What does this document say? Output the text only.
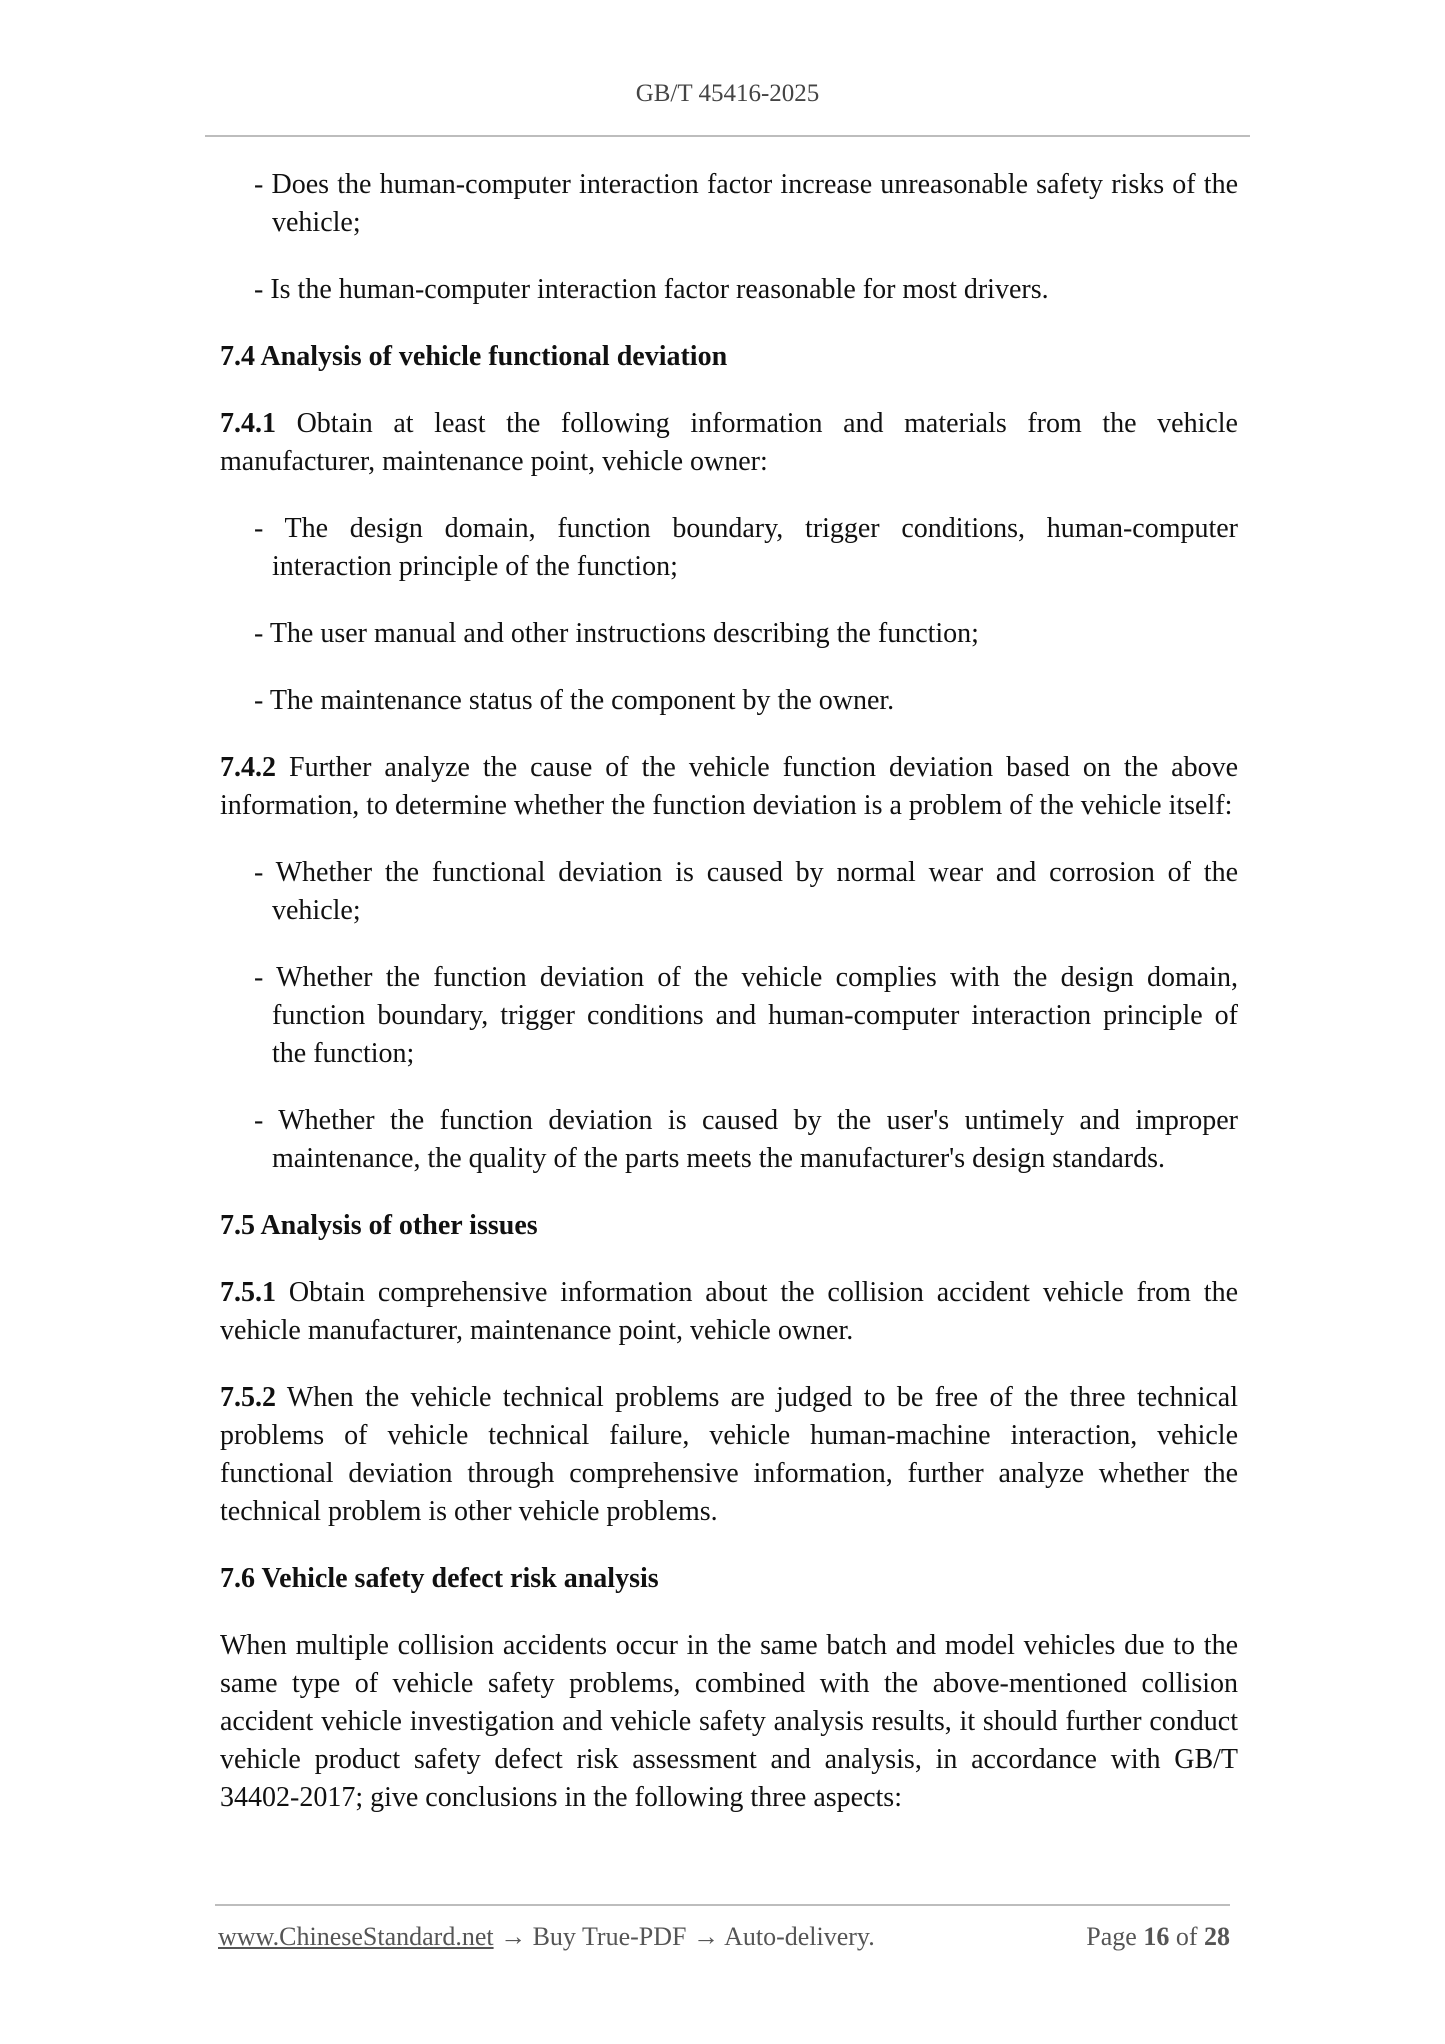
GB/T 45416-2025
- Does the human-computer interaction factor increase unreasonable safety risks of the vehicle;
- Is the human-computer interaction factor reasonable for most drivers.
7.4 Analysis of vehicle functional deviation
7.4.1 Obtain at least the following information and materials from the vehicle manufacturer, maintenance point, vehicle owner:
- The design domain, function boundary, trigger conditions, human-computer interaction principle of the function;
- The user manual and other instructions describing the function;
- The maintenance status of the component by the owner.
7.4.2 Further analyze the cause of the vehicle function deviation based on the above information, to determine whether the function deviation is a problem of the vehicle itself:
- Whether the functional deviation is caused by normal wear and corrosion of the vehicle;
- Whether the function deviation of the vehicle complies with the design domain, function boundary, trigger conditions and human-computer interaction principle of the function;
- Whether the function deviation is caused by the user's untimely and improper maintenance, the quality of the parts meets the manufacturer's design standards.
7.5 Analysis of other issues
7.5.1 Obtain comprehensive information about the collision accident vehicle from the vehicle manufacturer, maintenance point, vehicle owner.
7.5.2 When the vehicle technical problems are judged to be free of the three technical problems of vehicle technical failure, vehicle human-machine interaction, vehicle functional deviation through comprehensive information, further analyze whether the technical problem is other vehicle problems.
7.6 Vehicle safety defect risk analysis
When multiple collision accidents occur in the same batch and model vehicles due to the same type of vehicle safety problems, combined with the above-mentioned collision accident vehicle investigation and vehicle safety analysis results, it should further conduct vehicle product safety defect risk assessment and analysis, in accordance with GB/T 34402-2017; give conclusions in the following three aspects:
www.ChineseStandard.net → Buy True-PDF → Auto-delivery.	Page 16 of 28
